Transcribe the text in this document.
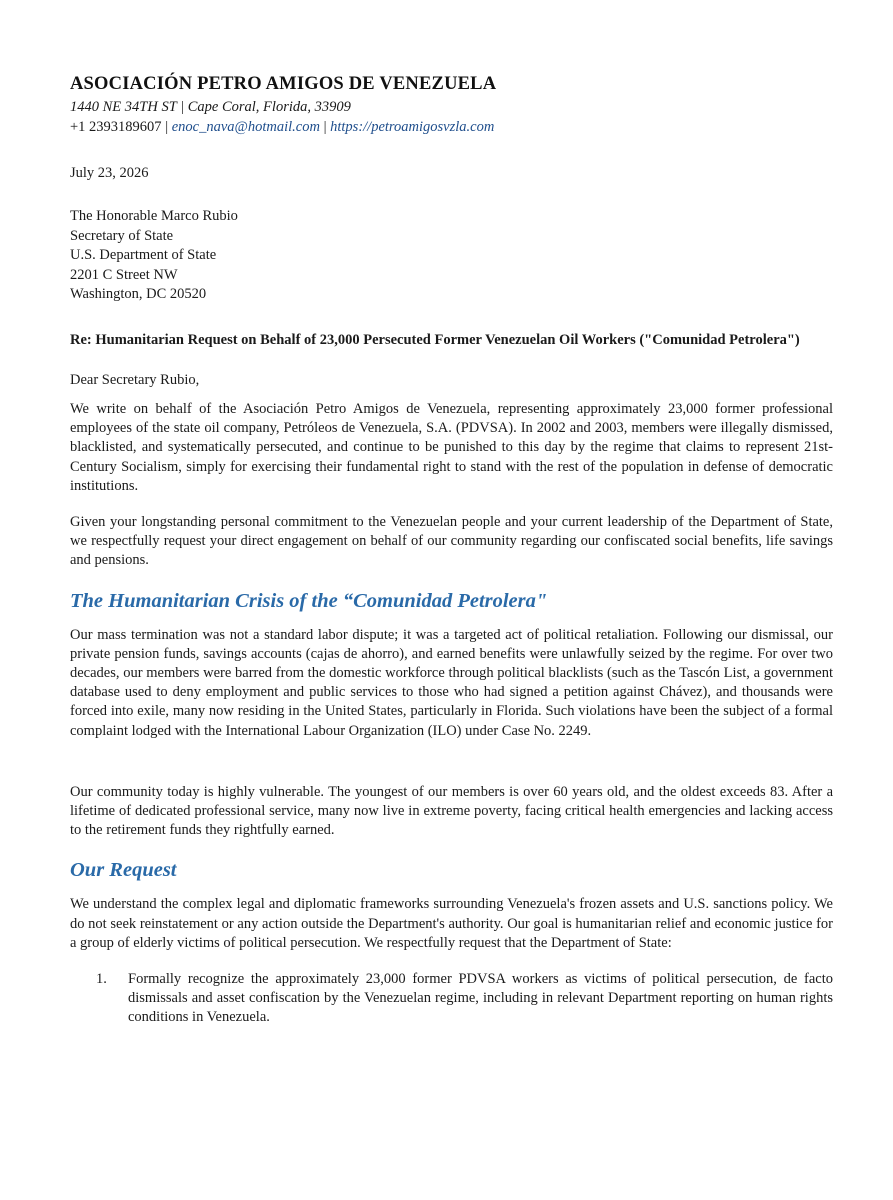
ASOCIACIÓN PETRO AMIGOS DE VENEZUELA
1440 NE 34TH ST | Cape Coral, Florida, 33909
+1 2393189607 | enoc_nava@hotmail.com | https://petroamigosvzla.com
July 23, 2026
The Honorable Marco Rubio
Secretary of State
U.S. Department of State
2201 C Street NW
Washington, DC 20520
Re: Humanitarian Request on Behalf of 23,000 Persecuted Former Venezuelan Oil Workers ("Comunidad Petrolera")
Dear Secretary Rubio,

We write on behalf of the Asociación Petro Amigos de Venezuela, representing approximately 23,000 former professional employees of the state oil company, Petróleos de Venezuela, S.A. (PDVSA). In 2002 and 2003, members were illegally dismissed, blacklisted, and systematically persecuted, and continue to be punished to this day by the regime that claims to represent 21st-Century Socialism, simply for exercising their fundamental right to stand with the rest of the population in defense of democratic institutions.

Given your longstanding personal commitment to the Venezuelan people and your current leadership of the Department of State, we respectfully request your direct engagement on behalf of our community regarding our confiscated social benefits, life savings and pensions.

The Humanitarian Crisis of the “Comunidad Petrolera"

Our mass termination was not a standard labor dispute; it was a targeted act of political retaliation. Following our dismissal, our private pension funds, savings accounts (cajas de ahorro), and earned benefits were unlawfully seized by the regime. For over two decades, our members were barred from the domestic workforce through political blacklists (such as the Tascón List, a government database used to deny employment and public services to those who had signed a petition against Chávez), and thousands were forced into exile, many now residing in the United States, particularly in Florida. Such violations have been the subject of a formal complaint lodged with the International Labour Organization (ILO) under Case No. 2249.

Our community today is highly vulnerable. The youngest of our members is over 60 years old, and the oldest exceeds 83. After a lifetime of dedicated professional service, many now live in extreme poverty, facing critical health emergencies and lacking access to the retirement funds they rightfully earned.

Our Request

We understand the complex legal and diplomatic frameworks surrounding Venezuela's frozen assets and U.S. sanctions policy. We do not seek reinstatement or any action outside the Department's authority. Our goal is humanitarian relief and economic justice for a group of elderly victims of political persecution. We respectfully request that the Department of State:

1.	Formally recognize the approximately 23,000 former PDVSA workers as victims of political persecution, de facto dismissals and asset confiscation by the Venezuelan regime, including in relevant Department reporting on human rights conditions in Venezuela.
